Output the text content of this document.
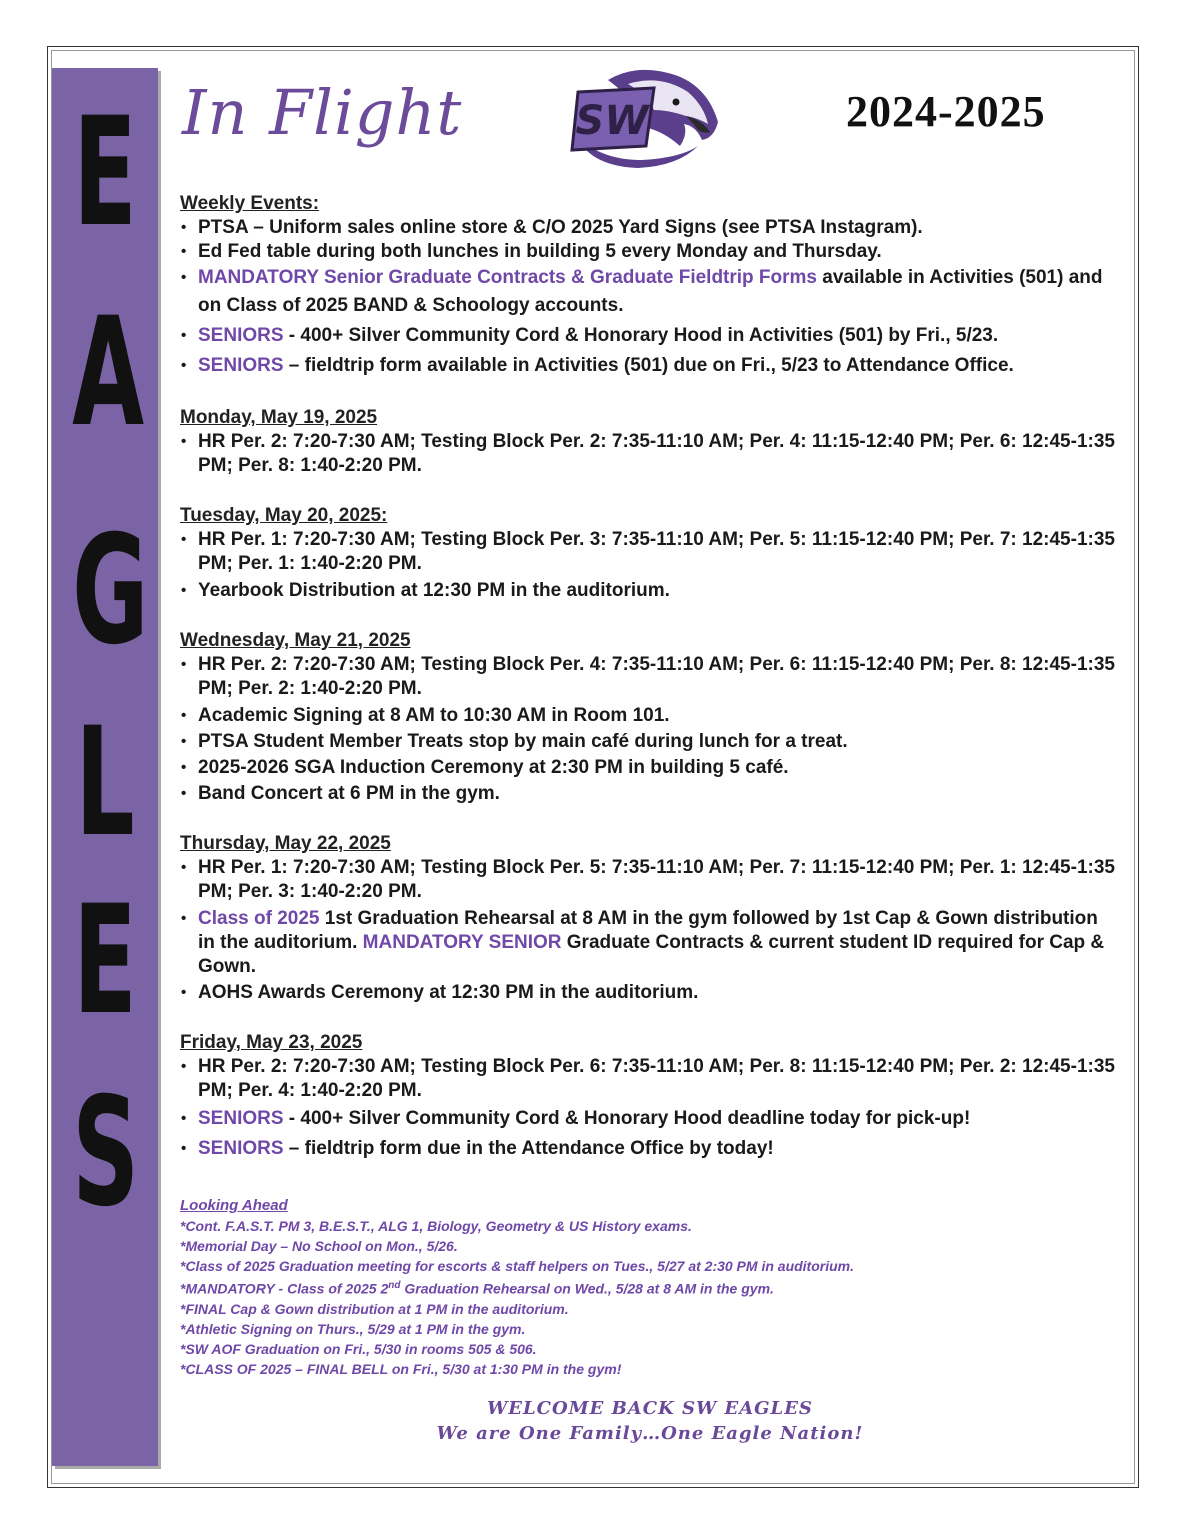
E
A
G
L
E
S
In Flight	SW	2024-2025

Weekly Events:

• PTSA – Uniform sales online store & C/O 2025 Yard Signs (see PTSA Instagram).
• Ed Fed table during both lunches in building 5 every Monday and Thursday.
• MANDATORY Senior Graduate Contracts & Graduate Fieldtrip Forms available in Activities (501) and on Class of 2025 BAND & Schoology accounts.
• SENIORS - 400+ Silver Community Cord & Honorary Hood in Activities (501) by Fri., 5/23.
• SENIORS – fieldtrip form available in Activities (501) due on Fri., 5/23 to Attendance Office.

Monday, May 19, 2025

• HR Per. 2: 7:20-7:30 AM; Testing Block Per. 2: 7:35-11:10 AM; Per. 4: 11:15-12:40 PM; Per. 6: 12:45-1:35 PM; Per. 8: 1:40-2:20 PM.

Tuesday, May 20, 2025:

• HR Per. 1: 7:20-7:30 AM; Testing Block Per. 3: 7:35-11:10 AM; Per. 5: 11:15-12:40 PM; Per. 7: 12:45-1:35 PM; Per. 1: 1:40-2:20 PM.
• Yearbook Distribution at 12:30 PM in the auditorium.

Wednesday, May 21, 2025

• HR Per. 2: 7:20-7:30 AM; Testing Block Per. 4: 7:35-11:10 AM; Per. 6: 11:15-12:40 PM; Per. 8: 12:45-1:35 PM; Per. 2: 1:40-2:20 PM.
• Academic Signing at 8 AM to 10:30 AM in Room 101.
• PTSA Student Member Treats stop by main café during lunch for a treat.
• 2025-2026 SGA Induction Ceremony at 2:30 PM in building 5 café.
• Band Concert at 6 PM in the gym.

Thursday, May 22, 2025

• HR Per. 1: 7:20-7:30 AM; Testing Block Per. 5: 7:35-11:10 AM; Per. 7: 11:15-12:40 PM; Per. 1: 12:45-1:35 PM; Per. 3: 1:40-2:20 PM.
• Class of 2025 1st Graduation Rehearsal at 8 AM in the gym followed by 1st Cap & Gown distribution in the auditorium. MANDATORY SENIOR Graduate Contracts & current student ID required for Cap & Gown.
• AOHS Awards Ceremony at 12:30 PM in the auditorium.

Friday, May 23, 2025

• HR Per. 2: 7:20-7:30 AM; Testing Block Per. 6: 7:35-11:10 AM; Per. 8: 11:15-12:40 PM; Per. 2: 12:45-1:35 PM; Per. 4: 1:40-2:20 PM.
• SENIORS - 400+ Silver Community Cord & Honorary Hood deadline today for pick-up!
• SENIORS – fieldtrip form due in the Attendance Office by today!
Looking Ahead
*Cont. F.A.S.T. PM 3, B.E.S.T., ALG 1, Biology, Geometry & US History exams.
*Memorial Day – No School on Mon., 5/26.
*Class of 2025 Graduation meeting for escorts & staff helpers on Tues., 5/27 at 2:30 PM in auditorium.
*MANDATORY - Class of 2025 2nd Graduation Rehearsal on Wed., 5/28 at 8 AM in the gym.
*FINAL Cap & Gown distribution at 1 PM in the auditorium.
*Athletic Signing on Thurs., 5/29 at 1 PM in the gym.
*SW AOF Graduation on Fri., 5/30 in rooms 505 & 506.
*CLASS OF 2025 – FINAL BELL on Fri., 5/30 at 1:30 PM in the gym!
WELCOME BACK SW EAGLES
We are One Family…One Eagle Nation!
